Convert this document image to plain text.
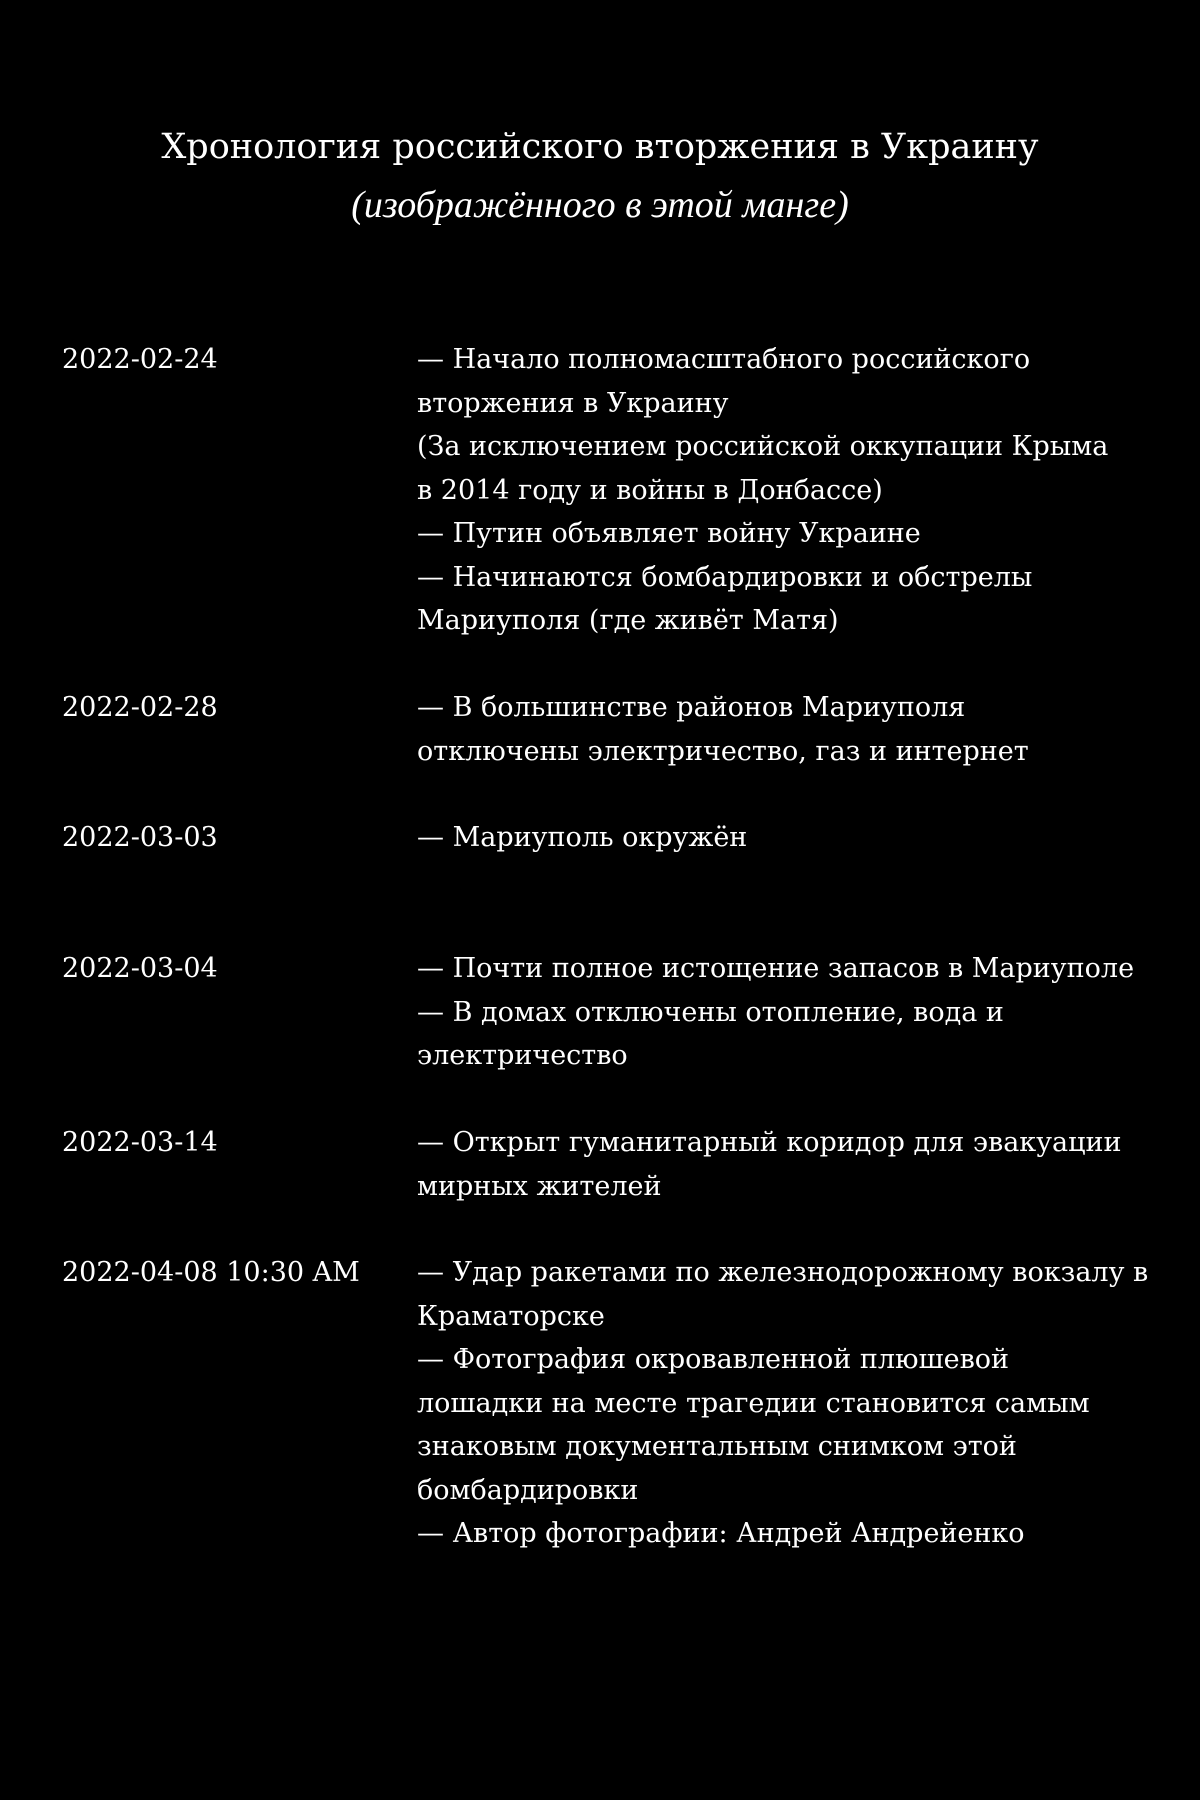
Хронология российского вторжения в Украину
(изображённого в этой манге)
2022-02-24	— Начало полномасштабного российского
вторжения в Украину
(За исключением российской оккупации Крыма
в 2014 году и войны в Донбассе)
— Путин объявляет войну Украине
— Начинаются бомбардировки и обстрелы
Мариуполя (где живёт Матя)
2022-02-28	— В большинстве районов Мариуполя
отключены электричество, газ и интернет
2022-03-03	— Мариуполь окружён
2022-03-04	— Почти полное истощение запасов в Мариуполе
— В домах отключены отопление, вода и
электричество
2022-03-14	— Открыт гуманитарный коридор для эвакуации
мирных жителей
2022-04-08 10:30 AM	— Удар ракетами по железнодорожному вокзалу в
Краматорске
— Фотография окровавленной плюшевой
лошадки на месте трагедии становится самым
знаковым документальным снимком этой
бомбардировки
— Автор фотографии: Андрей Андрейенко
